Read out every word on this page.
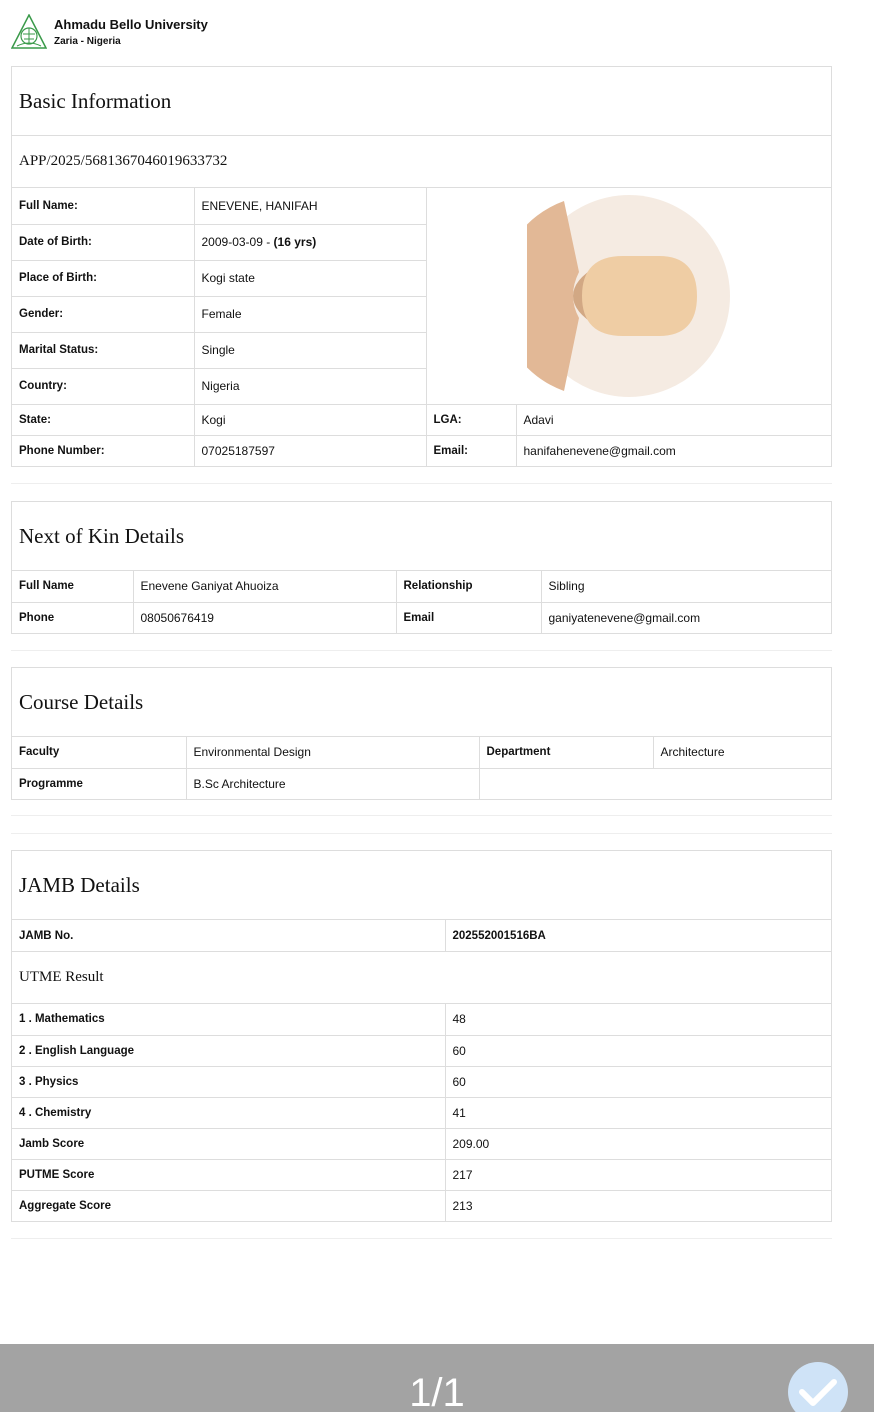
Ahmadu Bello University
Zaria - Nigeria
Basic Information
APP/2025/5681367046019633732
Full Name:	ENEVENE, HANIFAH	

Date of Birth:	2009-03-09 - (16 yrs)		
Place of Birth:	Kogi state		
Gender:	Female		
Marital Status:	Single		
Country:	Nigeria		
State:	Kogi	LGA:	Adavi
Phone Number:	07025187597	Email:	hanifahenevene@gmail.com
Next of Kin Details
Full Name	Enevene Ganiyat Ahuoiza	Relationship	Sibling
Phone	08050676419	Email	ganiyatenevene@gmail.com
Course Details
Faculty	Environmental Design	Department	Architecture
Programme	B.Sc Architecture		
JAMB Details
JAMB No.	202552001516BA
UTME Result
1 . Mathematics	48
2 . English Language	60
3 . Physics	60
4 . Chemistry	41
Jamb Score	209.00
PUTME Score	217
Aggregate Score	213
1/1
